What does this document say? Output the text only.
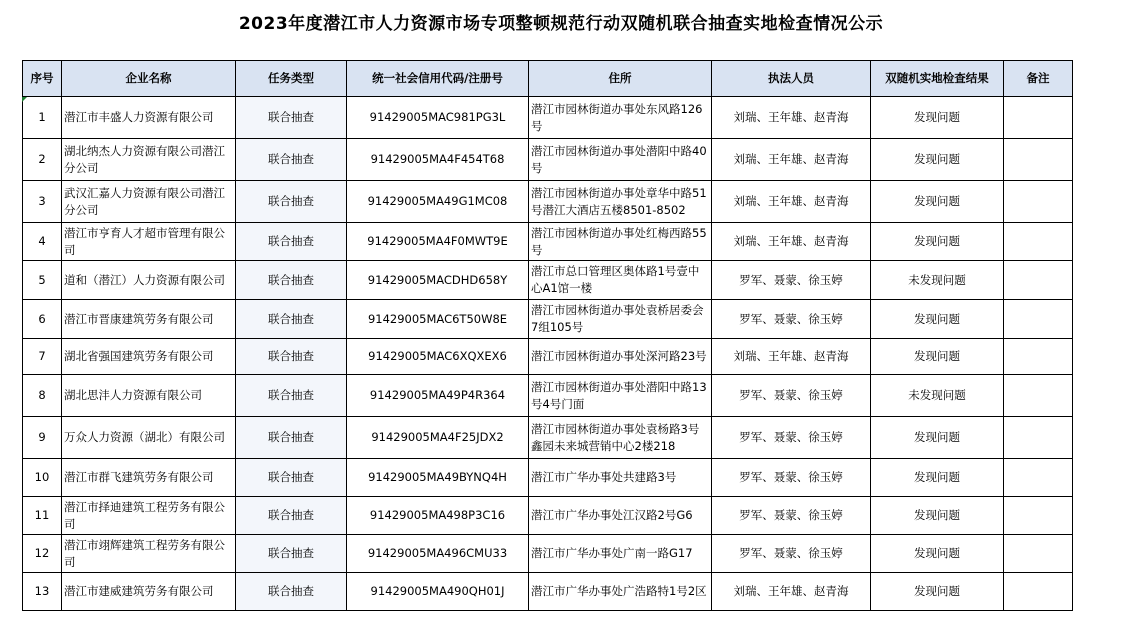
2023年度潜江市人力资源市场专项整顿规范行动双随机联合抽查实地检查情况公示
序号	企业名称	任务类型	统一社会信用代码/注册号	住所	执法人员	双随机实地检查结果	备注
1	潜江市丰盛人力资源有限公司	联合抽查	91429005MAC981PG3L	潜江市园林街道办事处东风路126号	刘瑞、王年雄、赵青海	发现问题	
2	湖北纳杰人力资源有限公司潜江分公司	联合抽查	91429005MA4F454T68	潜江市园林街道办事处潜阳中路40号	刘瑞、王年雄、赵青海	发现问题	
3	武汉汇嘉人力资源有限公司潜江分公司	联合抽查	91429005MA49G1MC08	潜江市园林街道办事处章华中路51号潜江大酒店五楼8501-8502	刘瑞、王年雄、赵青海	发现问题	
4	潜江市亨育人才超市管理有限公司	联合抽查	91429005MA4F0MWT9E	潜江市园林街道办事处红梅西路55号	刘瑞、王年雄、赵青海	发现问题	
5	道和（潜江）人力资源有限公司	联合抽查	91429005MACDHD658Y	潜江市总口管理区奥体路1号壹中心A1馆一楼	罗军、聂蒙、徐玉婷	未发现问题	
6	潜江市晋康建筑劳务有限公司	联合抽查	91429005MAC6T50W8E	潜江市园林街道办事处袁桥居委会7组105号	罗军、聂蒙、徐玉婷	发现问题	
7	湖北省强国建筑劳务有限公司	联合抽查	91429005MAC6XQXEX6	潜江市园林街道办事处深河路23号	刘瑞、王年雄、赵青海	发现问题	
8	湖北思沣人力资源有限公司	联合抽查	91429005MA49P4R364	潜江市园林街道办事处潜阳中路13号4号门面	罗军、聂蒙、徐玉婷	未发现问题	
9	万众人力资源（湖北）有限公司	联合抽查	91429005MA4F25JDX2	潜江市园林街道办事处袁杨路3号鑫园未来城营销中心2楼218	罗军、聂蒙、徐玉婷	发现问题	
10	潜江市群飞建筑劳务有限公司	联合抽查	91429005MA49BYNQ4H	潜江市广华办事处共建路3号	罗军、聂蒙、徐玉婷	发现问题	
11	潜江市择迪建筑工程劳务有限公司	联合抽查	91429005MA498P3C16	潜江市广华办事处江汉路2号G6	罗军、聂蒙、徐玉婷	发现问题	
12	潜江市翊辉建筑工程劳务有限公司	联合抽查	91429005MA496CMU33	潜江市广华办事处广南一路G17	罗军、聂蒙、徐玉婷	发现问题	
13	潜江市建威建筑劳务有限公司	联合抽查	91429005MA490QH01J	潜江市广华办事处广浩路特1号2区	刘瑞、王年雄、赵青海	发现问题	
